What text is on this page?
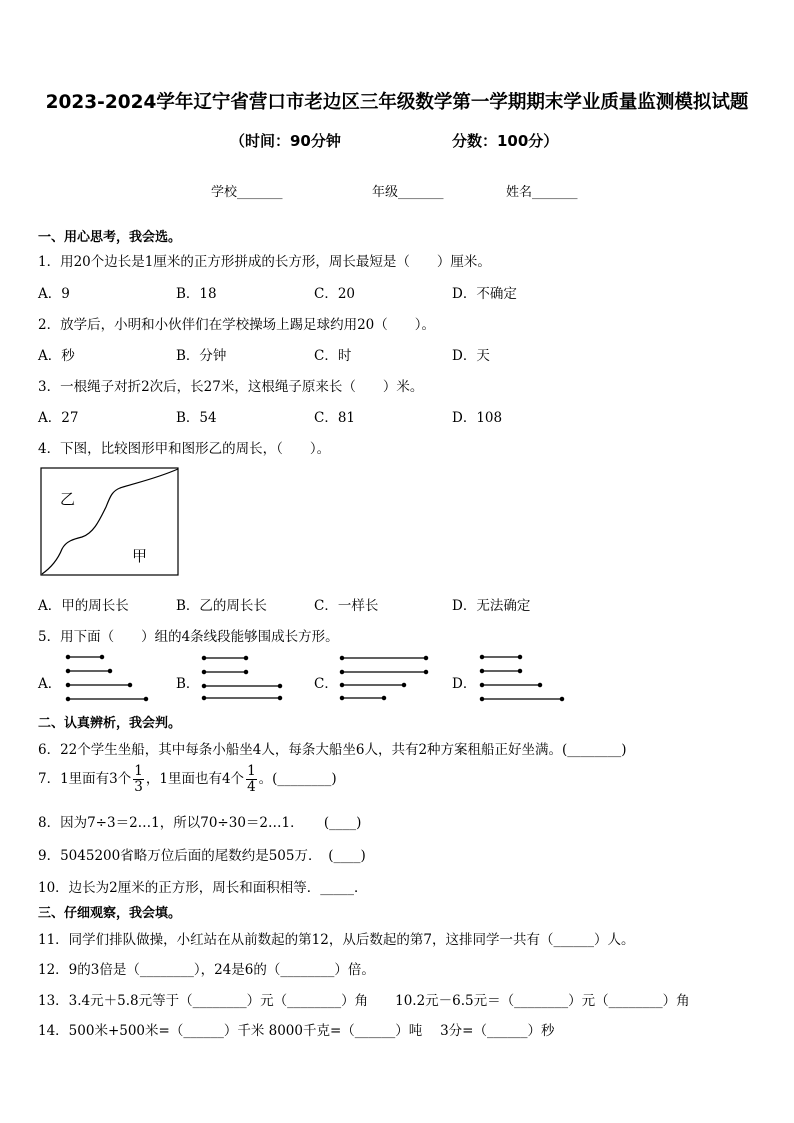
2023-2024学年辽宁省营口市老边区三年级数学第一学期期末学业质量监测模拟试题
（时间：90分钟	分数：100分）
学校_______	年级_______	姓名_______
一、用心思考，我会选。
1．用20个边长是1厘米的正方形拼成的长方形，周长最短是（　　）厘米。
A．9	B．18	C．20	D．不确定
2．放学后，小明和小伙伴们在学校操场上踢足球约用20（　　）。
A．秒	B．分钟	C．时	D．天
3．一根绳子对折2次后，长27米，这根绳子原来长（　　）米。
A．27	B．54	C．81	D．108
4．下图，比较图形甲和图形乙的周长，（　　）。
乙
甲
A．甲的周长长	B．乙的周长长	C．一样长	D．无法确定
5．用下面（　　）组的4条线段能够围成长方形。
A．	B．	C．	D．
二、认真辨析，我会判。
6．22个学生坐船，其中每条小船坐4人，每条大船坐6人，共有2种方案租船正好坐满。(________)
7．1里面有3个 $\frac{1}{3}$ ，1里面也有4个 $\frac{1}{4}$ 。(________)
8．因为7÷3＝2…1，所以70÷30＝2…1．　　(____)
9．5045200省略万位后面的尾数约是505万．　(____)
10．边长为2厘米的正方形，周长和面积相等．_____．
三、仔细观察，我会填。
11．同学们排队做操，小红站在从前数起的第12，从后数起的第7，这排同学一共有（______）人。
12．9的3倍是（________），24是6的（________）倍。
13．3.4元＋5.8元等于（________）元（________）角　　10.2元－6.5元＝（________）元（________）角
14．500米+500米=（______）千米 8000千克=（______）吨　 3分=（______）秒
